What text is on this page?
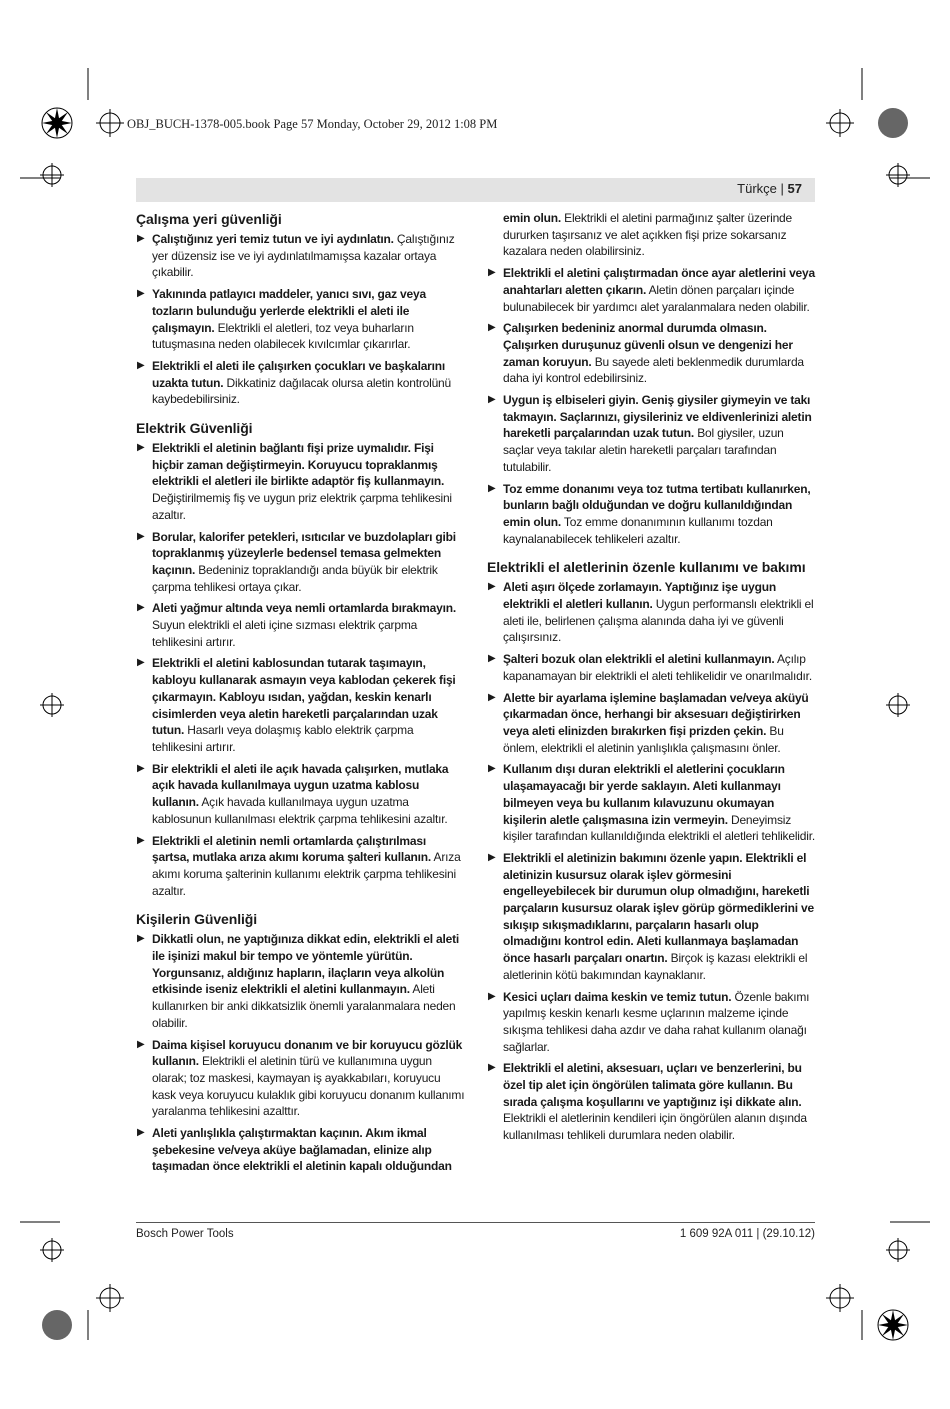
OBJ_BUCH-1378-005.book Page 57 Monday, October 29, 2012 1:08 PM
Türkçe | 57
Çalışma yeri güvenliği
▶ Çalıştığınız yeri temiz tutun ve iyi aydınlatın. Çalıştığınız yer düzensiz ise ve iyi aydınlatılmamışsa kazalar ortaya çıkabilir.
▶ Yakınında patlayıcı maddeler, yanıcı sıvı, gaz veya tozların bulunduğu yerlerde elektrikli el aleti ile çalışmayın. Elektrikli el aletleri, toz veya buharların tutuşmasına neden olabilecek kıvılcımlar çıkarırlar.
▶ Elektrikli el aleti ile çalışırken çocukları ve başkalarını uzakta tutun. Dikkatiniz dağılacak olursa aletin kontrolünü kaybedebilirsiniz.
Elektrik Güvenliği
▶ Elektrikli el aletinin bağlantı fişi prize uymalıdır. Fişi hiçbir zaman değiştirmeyin. Koruyucu topraklanmış elektrikli el aletleri ile birlikte adaptör fiş kullanmayın. Değiştirilmemiş fiş ve uygun priz elektrik çarpma tehlikesini azaltır.
▶ Borular, kalorifer petekleri, ısıtıcılar ve buzdolapları gibi topraklanmış yüzeylerle bedensel temasa gelmekten kaçının. Bedeniniz topraklandığı anda büyük bir elektrik çarpma tehlikesi ortaya çıkar.
▶ Aleti yağmur altında veya nemli ortamlarda bırakmayın. Suyun elektrikli el aleti içine sızması elektrik çarpma tehlikesini artırır.
▶ Elektrikli el aletini kablosundan tutarak taşımayın, kabloyu kullanarak asmayın veya kablodan çekerek fişi çıkarmayın. Kabloyu ısıdan, yağdan, keskin kenarlı cisimlerden veya aletin hareketli parçalarından uzak tutun. Hasarlı veya dolaşmış kablo elektrik çarpma tehlikesini artırır.
▶ Bir elektrikli el aleti ile açık havada çalışırken, mutlaka açık havada kullanılmaya uygun uzatma kablosu kullanın. Açık havada kullanılmaya uygun uzatma kablosunun kullanılması elektrik çarpma tehlikesini azaltır.
▶ Elektrikli el aletinin nemli ortamlarda çalıştırılması şartsa, mutlaka arıza akımı koruma şalteri kullanın. Arıza akımı koruma şalterinin kullanımı elektrik çarpma tehlikesini azaltır.
Kişilerin Güvenliği
▶ Dikkatli olun, ne yaptığınıza dikkat edin, elektrikli el aleti ile işinizi makul bir tempo ve yöntemle yürütün. Yorgunsanız, aldığınız hapların, ilaçların veya alkolün etkisinde iseniz elektrikli el aletini kullanmayın. Aleti kullanırken bir anki dikkatsizlik önemli yaralanmalara neden olabilir.
▶ Daima kişisel koruyucu donanım ve bir koruyucu gözlük kullanın. Elektrikli el aletinin türü ve kullanımına uygun olarak; toz maskesi, kaymayan iş ayakkabıları, koruyucu kask veya koruyucu kulaklık gibi koruyucu donanım kullanımı yaralanma tehlikesini azalttır.
▶ Aleti yanlışlıkla çalıştırmaktan kaçının. Akım ikmal şebekesine ve/veya aküye bağlamadan, elinize alıp taşımadan önce elektrikli el aletinin kapalı olduğundan
emin olun. Elektrikli el aletini parmağınız şalter üzerinde dururken taşırsanız ve alet açıkken fişi prize sokarsanız kazalara neden olabilirsiniz.
▶ Elektrikli el aletini çalıştırmadan önce ayar aletlerini veya anahtarları aletten çıkarın. Aletin dönen parçaları içinde bulunabilecek bir yardımcı alet yaralanmalara neden olabilir.
▶ Çalışırken bedeniniz anormal durumda olmasın. Çalışırken duruşunuz güvenli olsun ve dengenizi her zaman koruyun. Bu sayede aleti beklenmedik durumlarda daha iyi kontrol edebilirsiniz.
▶ Uygun iş elbiseleri giyin. Geniş giysiler giymeyin ve takı takmayın. Saçlarınızı, giysileriniz ve eldivenlerinizi aletin hareketli parçalarından uzak tutun. Bol giysiler, uzun saçlar veya takılar aletin hareketli parçaları tarafından tutulabilir.
▶ Toz emme donanımı veya toz tutma tertibatı kullanırken, bunların bağlı olduğundan ve doğru kullanıldığından emin olun. Toz emme donanımının kullanımı tozdan kaynalanabilecek tehlikeleri azaltır.
Elektrikli el aletlerinin özenle kullanımı ve bakımı
▶ Aleti aşırı ölçede zorlamayın. Yaptığınız işe uygun elektrikli el aletleri kullanın. Uygun performanslı elektrikli el aleti ile, belirlenen çalışma alanında daha iyi ve güvenli çalışırsınız.
▶ Şalteri bozuk olan elektrikli el aletini kullanmayın. Açılıp kapanamayan bir elektrikli el aleti tehlikelidir ve onarılmalıdır.
▶ Alette bir ayarlama işlemine başlamadan ve/veya aküyü çıkarmadan önce, herhangi bir aksesuarı değiştirirken veya aleti elinizden bırakırken fişi prizden çekin. Bu önlem, elektrikli el aletinin yanlışlıkla çalışmasını önler.
▶ Kullanım dışı duran elektrikli el aletlerini çocukların ulaşamayacağı bir yerde saklayın. Aleti kullanmayı bilmeyen veya bu kullanım kılavuzunu okumayan kişilerin aletle çalışmasına izin vermeyin. Deneyimsiz kişiler tarafından kullanıldığında elektrikli el aletleri tehlikelidir.
▶ Elektrikli el aletinizin bakımını özenle yapın. Elektrikli el aletinizin kusursuz olarak işlev görmesini engelleyebilecek bir durumun olup olmadığını, hareketli parçaların kusursuz olarak işlev görüp görmediklerini ve sıkışıp sıkışmadıklarını, parçaların hasarlı olup olmadığını kontrol edin. Aleti kullanmaya başlamadan önce hasarlı parçaları onartın. Birçok iş kazası elektrikli el aletlerinin kötü bakımından kaynaklanır.
▶ Kesici uçları daima keskin ve temiz tutun. Özenle bakımı yapılmış keskin kenarlı kesme uçlarının malzeme içinde sıkışma tehlikesi daha azdır ve daha rahat kullanım olanağı sağlarlar.
▶ Elektrikli el aletini, aksesuarı, uçları ve benzerlerini, bu özel tip alet için öngörülen talimata göre kullanın. Bu sırada çalışma koşullarını ve yaptığınız işi dikkate alın. Elektrikli el aletlerinin kendileri için öngörülen alanın dışında kullanılması tehlikeli durumlara neden olabilir.
Bosch Power Tools	1 609 92A 011 | (29.10.12)
